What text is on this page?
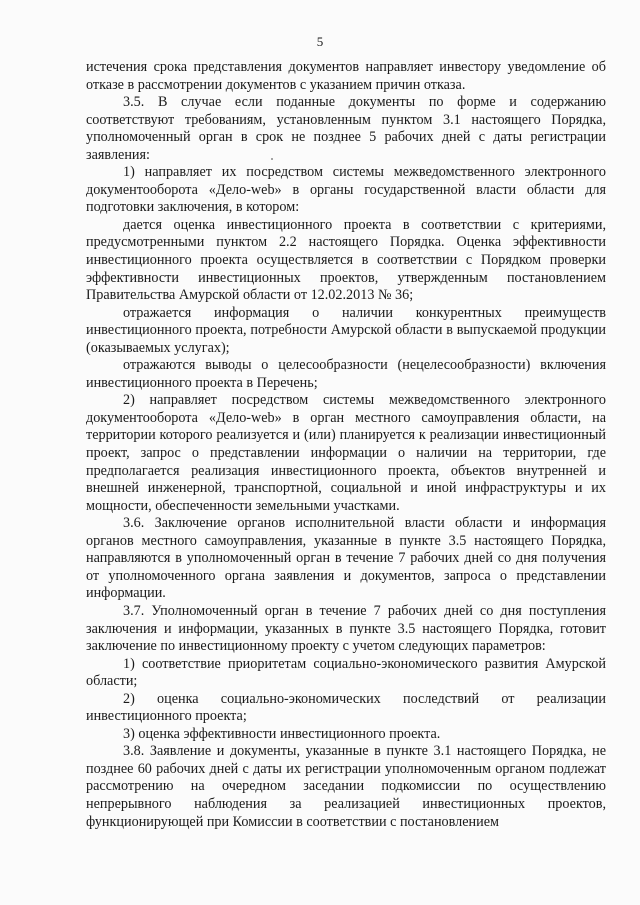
5

истечения срока представления документов направляет инвестору уведомление об отказе в рассмотрении документов с указанием причин отказа.

3.5. В случае если поданные документы по форме и содержанию соответствуют требованиям, установленным пунктом 3.1 настоящего Порядка, уполномоченный орган в срок не позднее 5 рабочих дней с даты регистрации заявления:

1) направляет их посредством системы межведомственного электронного документооборота «Дело-web» в органы государственной власти области для подготовки заключения, в котором:

дается оценка инвестиционного проекта в соответствии с критериями, предусмотренными пунктом 2.2 настоящего Порядка. Оценка эффективности инвестиционного проекта осуществляется в соответствии с Порядком проверки эффективности инвестиционных проектов, утвержденным постановлением Правительства Амурской области от 12.02.2013 № 36;

отражается информация о наличии конкурентных преимуществ инвестиционного проекта, потребности Амурской области в выпускаемой продукции (оказываемых услугах);

отражаются выводы о целесообразности (нецелесообразности) включения инвестиционного проекта в Перечень;

2) направляет посредством системы межведомственного электронного документооборота «Дело-web» в орган местного самоуправления области, на территории которого реализуется и (или) планируется к реализации инвестиционный проект, запрос о представлении информации о наличии на территории, где предполагается реализация инвестиционного проекта, объектов внутренней и внешней инженерной, транспортной, социальной и иной инфраструктуры и их мощности, обеспеченности земельными участками.

3.6. Заключение органов исполнительной власти области и информация органов местного самоуправления, указанные в пункте 3.5 настоящего Порядка, направляются в уполномоченный орган в течение 7 рабочих дней со дня получения от уполномоченного органа заявления и документов, запроса о представлении информации.

3.7. Уполномоченный орган в течение 7 рабочих дней со дня поступления заключения и информации, указанных в пункте 3.5 настоящего Порядка, готовит заключение по инвестиционному проекту с учетом следующих параметров:

1) соответствие приоритетам социально-экономического развития Амурской области;

2) оценка социально-экономических последствий от реализации инвестиционного проекта;

3) оценка эффективности инвестиционного проекта.

3.8. Заявление и документы, указанные в пункте 3.1 настоящего Порядка, не позднее 60 рабочих дней с даты их регистрации уполномоченным органом подлежат рассмотрению на очередном заседании подкомиссии по осуществлению непрерывного наблюдения за реализацией инвестиционных проектов, функционирующей при Комиссии в соответствии с постановлением
